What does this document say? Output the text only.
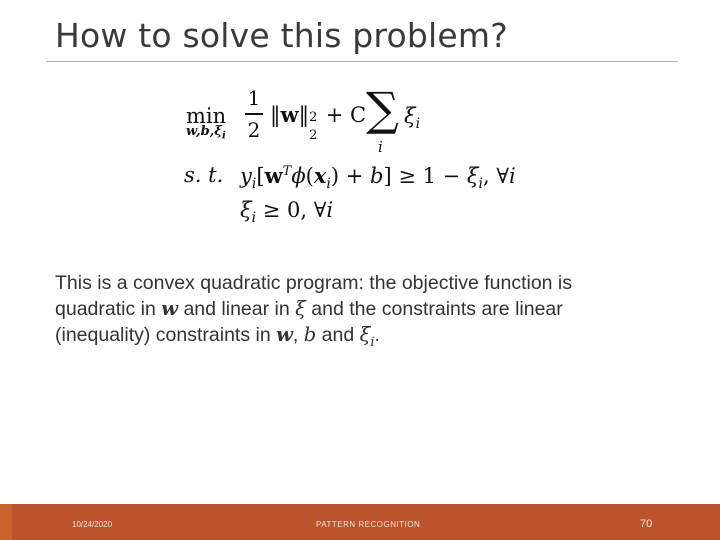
How to solve this problem?
min
$w,b,\xi_i$
1
2
‖w‖ 2
2
+ C ∑
i
$\xi_i$
s. t. $y_i[w^T\phi(x_i) + b] \ge 1 - \xi_i$, ∀i
$\xi_i \ge 0$, ∀i
This is a convex quadratic program: the objective function is quadratic in w and linear in ξ and the constraints are linear (inequality) constraints in w, b and $\xi_i$.
10/24/2020	PATTERN RECOGNITION	70
